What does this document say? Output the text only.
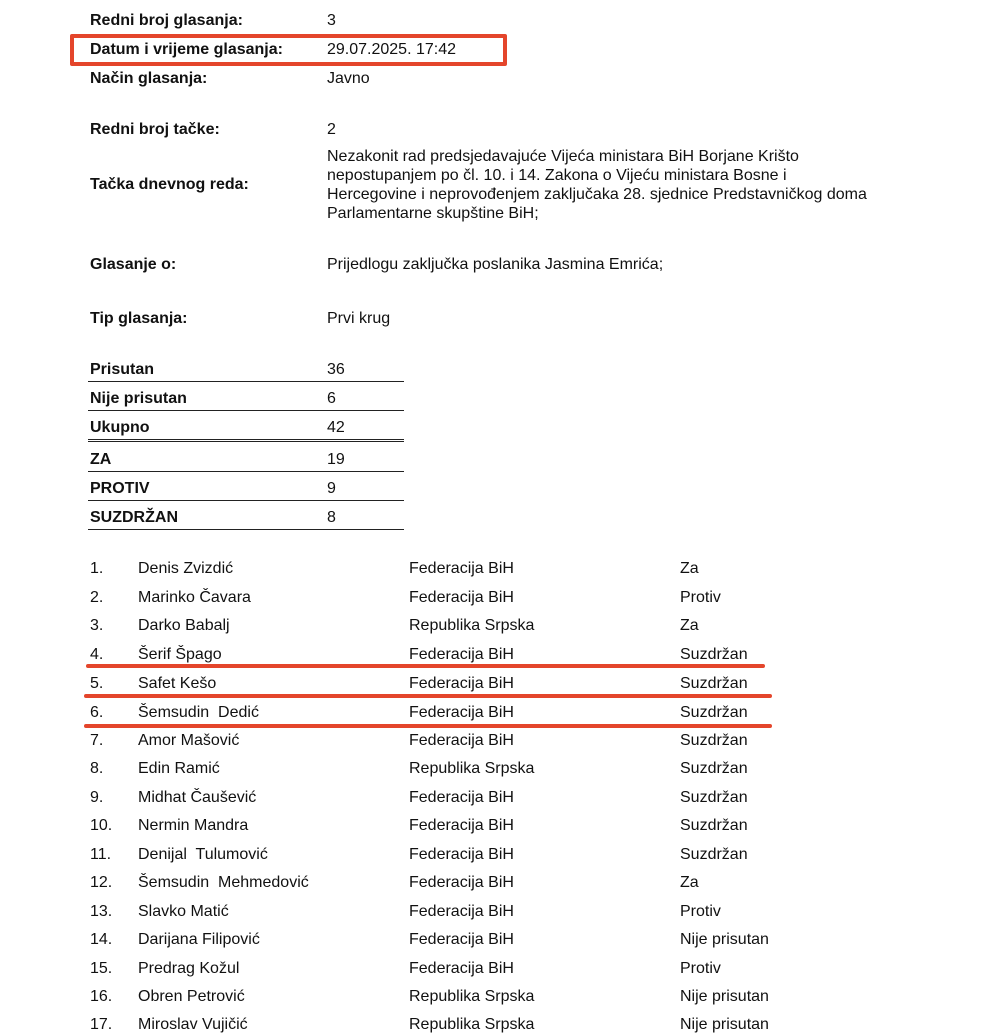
Redni broj glasanja:	3
Datum i vrijeme glasanja:	29.07.2025. 17:42
Način glasanja:	Javno
Redni broj tačke:	2
Tačka dnevnog reda:
Nezakonit rad predsjedavajuće Vijeća ministara BiH Borjane Krišto nepostupanjem po čl. 10. i 14. Zakona o Vijeću ministara Bosne i Hercegovine i neprovođenjem zaključaka 28. sjednice Predstavničkog doma Parlamentarne skupštine BiH;
Glasanje o:	Prijedlogu zaključka poslanika Jasmina Emrića;
Tip glasanja:	Prvi krug
Prisutan	36
Nije prisutan	6
Ukupno	42
ZA	19
PROTIV	9
SUZDRŽAN	8
1. Denis Zvizdić	Federacija BiH	Za
2. Marinko Čavara	Federacija BiH	Protiv
3. Darko Babalj	Republika Srpska	Za
4. Šerif Špago	Federacija BiH	Suzdržan
5. Safet Kešo	Federacija BiH	Suzdržan
6. Šemsudin  Dedić	Federacija BiH	Suzdržan
7. Amor Mašović	Federacija BiH	Suzdržan
8. Edin Ramić	Republika Srpska	Suzdržan
9. Midhat Čaušević	Federacija BiH	Suzdržan
10. Nermin Mandra	Federacija BiH	Suzdržan
11. Denijal  Tulumović	Federacija BiH	Suzdržan
12. Šemsudin  Mehmedović	Federacija BiH	Za
13. Slavko Matić	Federacija BiH	Protiv
14. Darijana Filipović	Federacija BiH	Nije prisutan
15. Predrag Kožul	Federacija BiH	Protiv
16. Obren Petrović	Republika Srpska	Nije prisutan
17. Miroslav Vujičić	Republika Srpska	Nije prisutan
